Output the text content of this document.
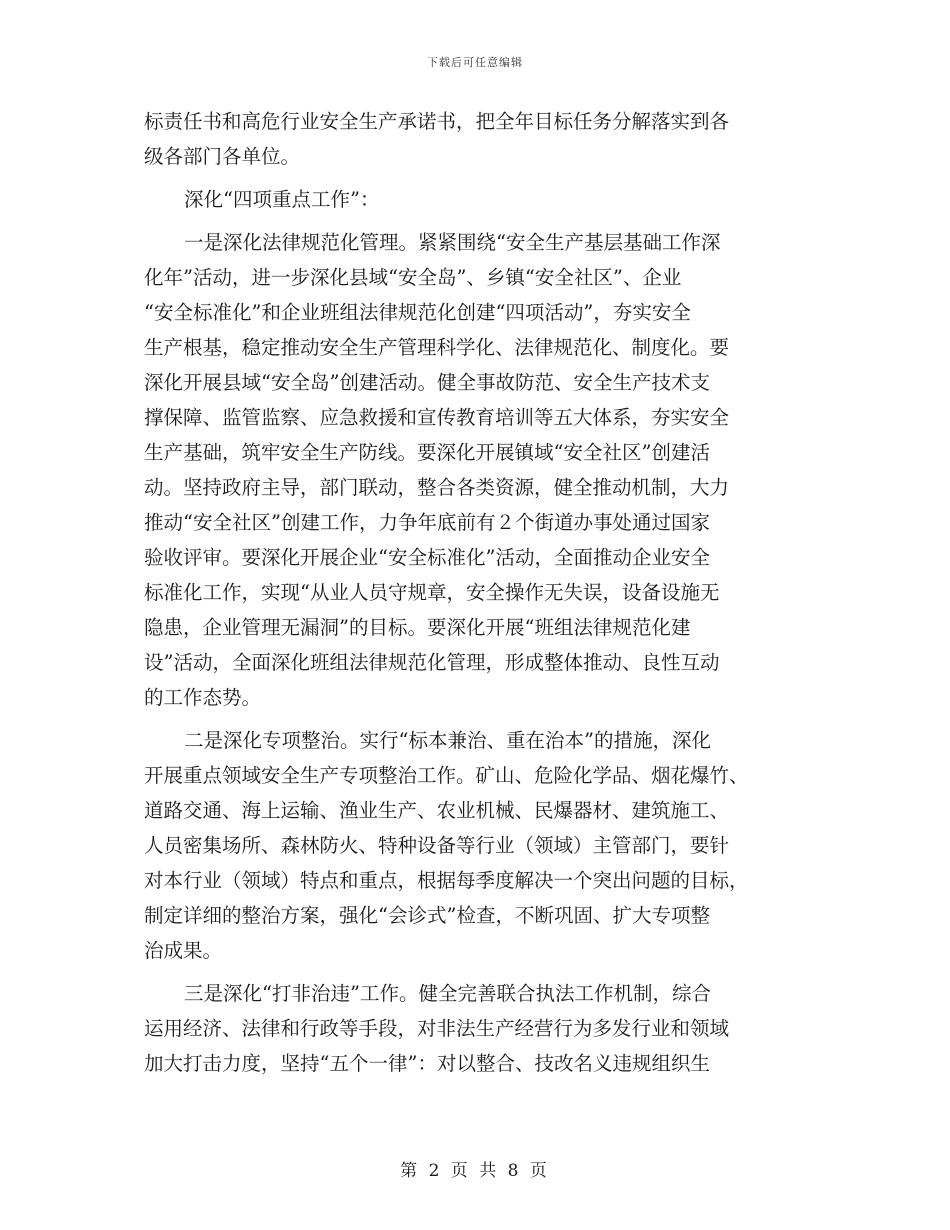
下载后可任意编辑
标责任书和高危行业安全生产承诺书，把全年目标任务分解落实到各
级各部门各单位。
深化“四项重点工作”：
一是深化法律规范化管理。紧紧围绕“安全生产基层基础工作深
化年”活动，进一步深化县域“安全岛”、乡镇“安全社区”、企业
“安全标准化”和企业班组法律规范化创建“四项活动”，夯实安全
生产根基，稳定推动安全生产管理科学化、法律规范化、制度化。要
深化开展县域“安全岛”创建活动。健全事故防范、安全生产技术支
撑保障、监管监察、应急救援和宣传教育培训等五大体系，夯实安全
生产基础，筑牢安全生产防线。要深化开展镇域“安全社区”创建活
动。坚持政府主导，部门联动，整合各类资源，健全推动机制，大力
推动“安全社区”创建工作，力争年底前有２个街道办事处通过国家
验收评审。要深化开展企业“安全标准化”活动，全面推动企业安全
标准化工作，实现“从业人员守规章，安全操作无失误，设备设施无
隐患，企业管理无漏洞”的目标。要深化开展“班组法律规范化建
设”活动，全面深化班组法律规范化管理，形成整体推动、良性互动
的工作态势。
二是深化专项整治。实行“标本兼治、重在治本”的措施，深化
开展重点领域安全生产专项整治工作。矿山、危险化学品、烟花爆竹、
道路交通、海上运输、渔业生产、农业机械、民爆器材、建筑施工、
人员密集场所、森林防火、特种设备等行业（领域）主管部门，要针
对本行业（领域）特点和重点，根据每季度解决一个突出问题的目标，
制定详细的整治方案，强化“会诊式”检查，不断巩固、扩大专项整
治成果。
三是深化“打非治违”工作。健全完善联合执法工作机制，综合
运用经济、法律和行政等手段，对非法生产经营行为多发行业和领域
加大打击力度，坚持“五个一律”：对以整合、技改名义违规组织生
第 2 页 共 8 页
